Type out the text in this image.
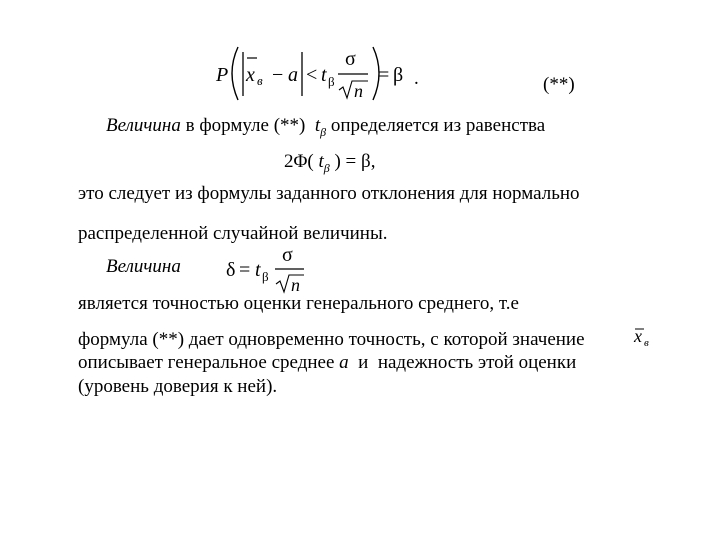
P x в − a < t β
σ
n
= β .	(**)
Величина в формуле (**) $t_\beta$ определяется из равенства
2Φ( $t_\beta$ ) = β,
это следует из формулы заданного отклонения для нормально
распределенной случайной величины.
Величина δ = t β
σ
n
является точностью оценки генерального среднего, т.е
формула (**) дает одновременно точность, с которой значение	x в
описывает генеральное среднее a  и  надежность этой оценки
(уровень доверия к ней).
